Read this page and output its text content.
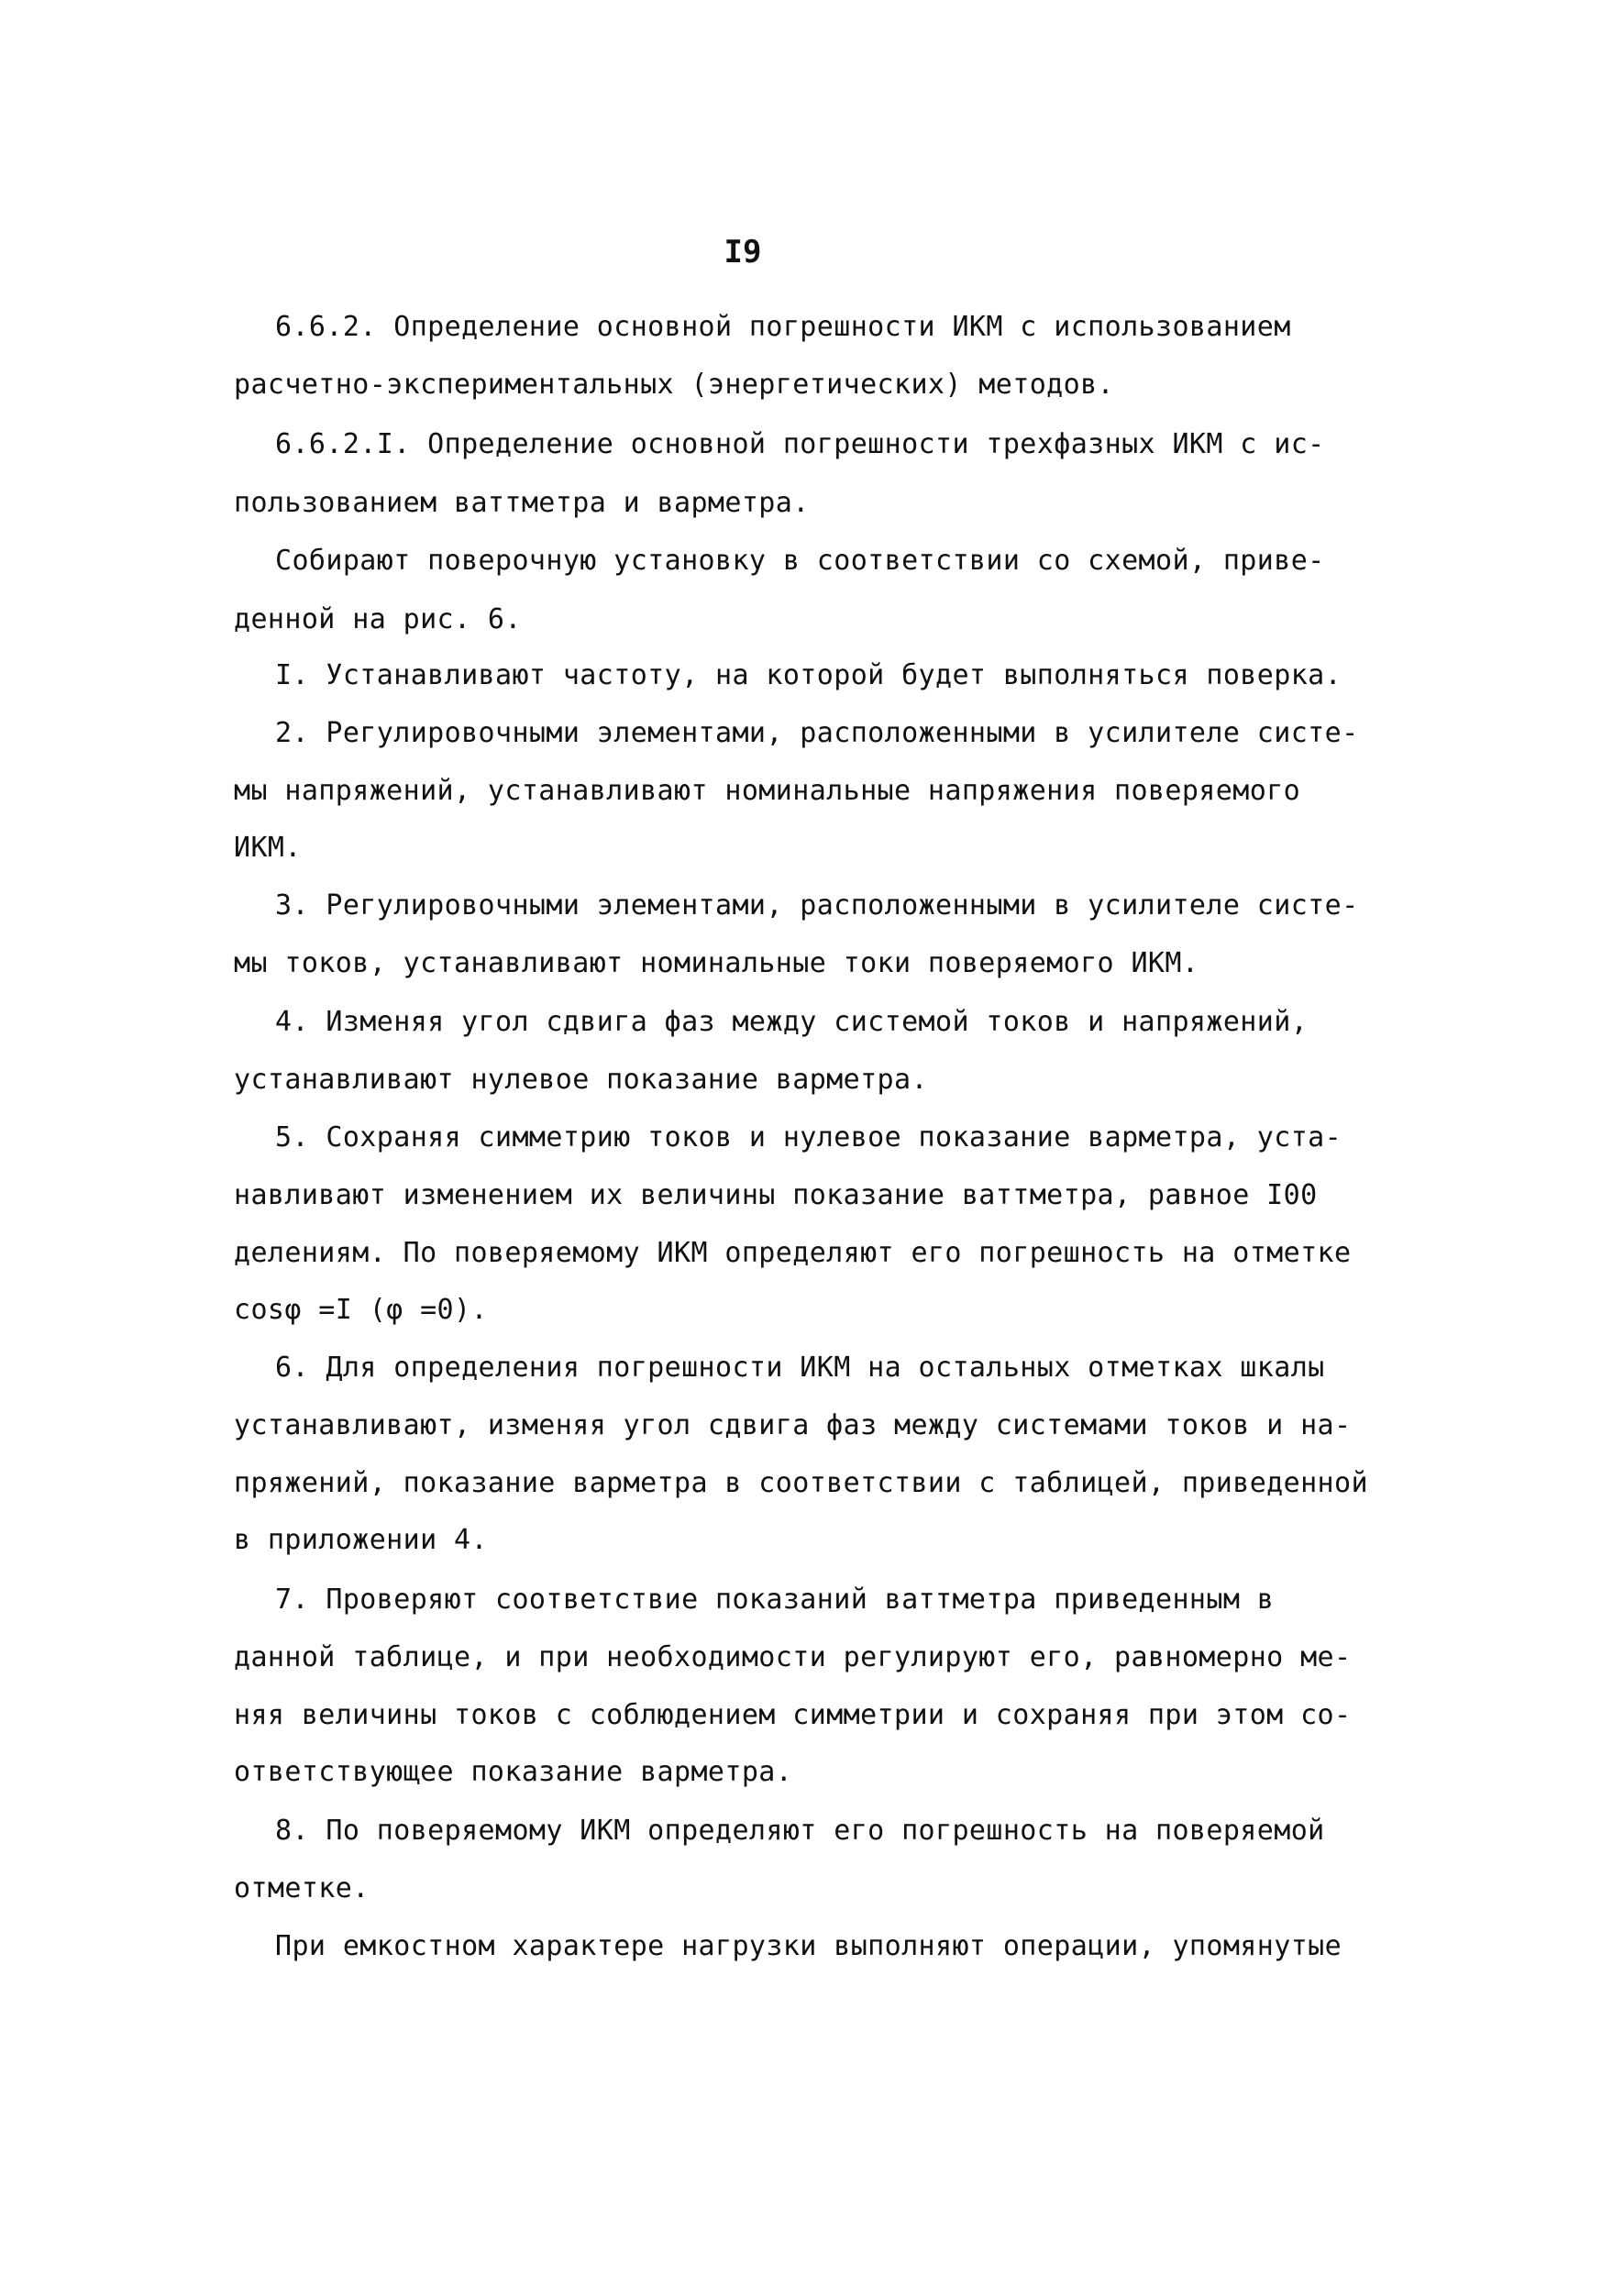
I9
6.6.2. Определение основной погрешности ИКМ с использованием
расчетно-экспериментальных (энергетических) методов.
6.6.2.I. Определение основной погрешности трехфазных ИКМ с ис-
пользованием ваттметра и варметра.
Собирают поверочную установку в соответствии со схемой, приве-
денной на рис. 6.
I. Устанавливают частоту, на которой будет выполняться поверка.
2. Регулировочными элементами, расположенными в усилителе систе-
мы напряжений, устанавливают номинальные напряжения поверяемого
ИКМ.
3. Регулировочными элементами, расположенными в усилителе систе-
мы токов, устанавливают номинальные токи поверяемого ИКМ.
4. Изменяя угол сдвига фаз между системой токов и напряжений,
устанавливают нулевое показание варметра.
5. Сохраняя симметрию токов и нулевое показание варметра, уста-
навливают изменением их величины показание ваттметра, равное I00
делениям. По поверяемому ИКМ определяют его погрешность на отметке
cosφ =I (φ =0).
6. Для определения погрешности ИКМ на остальных отметках шкалы
устанавливают, изменяя угол сдвига фаз между системами токов и на-
пряжений, показание варметра в соответствии с таблицей, приведенной
в приложении 4.
7. Проверяют соответствие показаний ваттметра приведенным в
данной таблице, и при необходимости регулируют его, равномерно ме-
няя величины токов с соблюдением симметрии и сохраняя при этом со-
ответствующее показание варметра.
8. По поверяемому ИКМ определяют его погрешность на поверяемой
отметке.
При емкостном характере нагрузки выполняют операции, упомянутые
